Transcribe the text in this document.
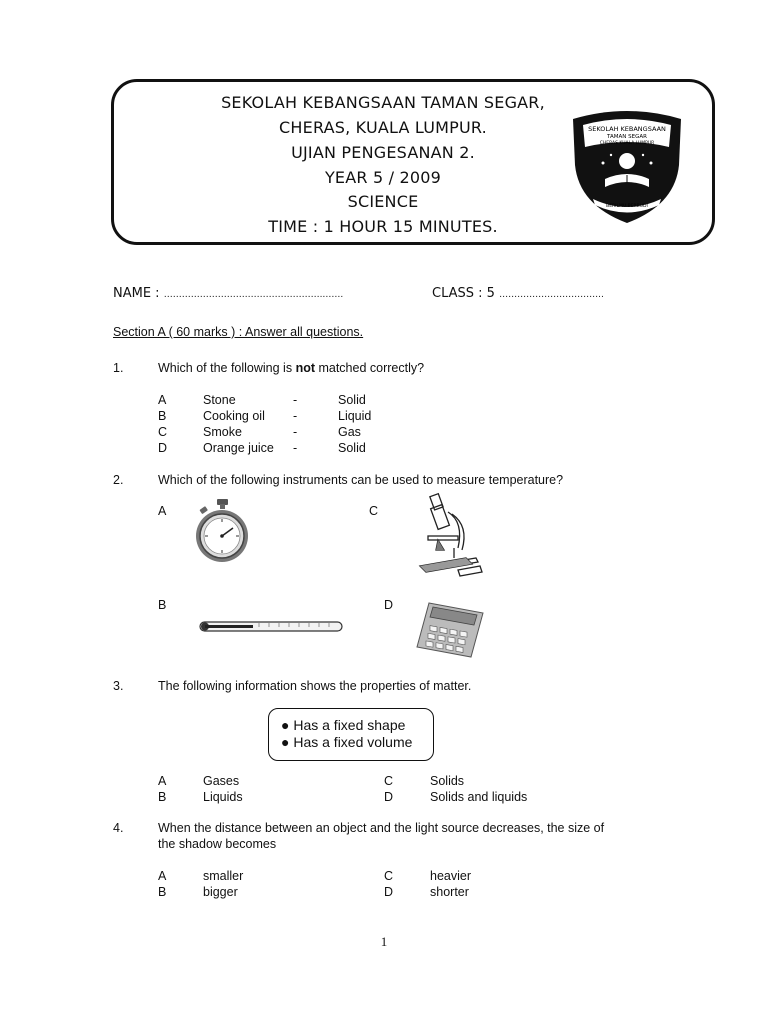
SEKOLAH KEBANGSAAN TAMAN SEGAR,
CHERAS, KUALA LUMPUR.
UJIAN PENGESANAN 2.
YEAR 5 / 2009
SCIENCE
TIME : 1 HOUR 15 MINUTES.
SEKOLAH KEBANGSAAN
TAMAN SEGAR
CHERAS KUALA LUMPUR
BERILMU BERBUDI
NAME : ……………………….…………………….…….	CLASS : 5 ……………………………..
Section A ( 60 marks ) : Answer all questions.
1.	Which of the following is not matched correctly?
A	Stone	-	Solid
B	Cooking oil	-	Liquid
C	Smoke	-	Gas
D	Orange juice	-	Solid
2.	Which of the following instruments can be used to measure temperature?
A	C
B	D
3.	The following information shows the properties of matter.
● Has a fixed shape
● Has a fixed volume
A	Gases	C	Solids
B	Liquids	D	Solids and liquids
4.	When the distance between an object and the light source decreases, the size of
the shadow becomes
A	smaller	C	heavier
B	bigger	D	shorter
1
